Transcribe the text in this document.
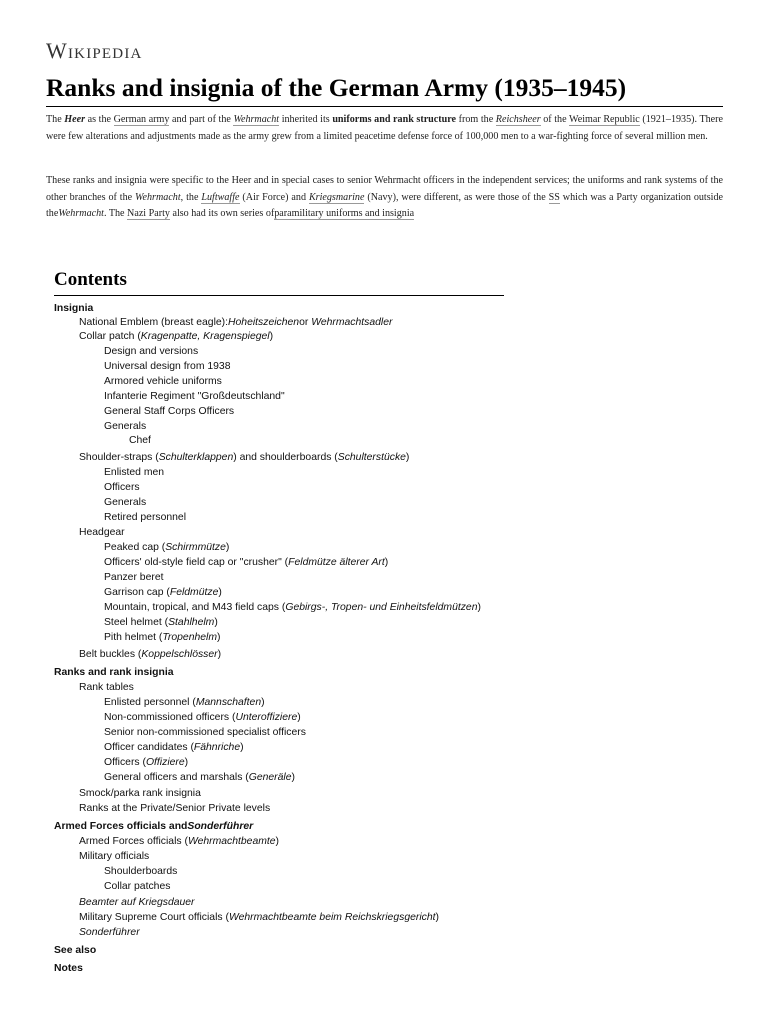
Wikipedia
Ranks and insignia of the German Army (1935–1945)

The Heer as the German army and part of the Wehrmacht inherited its uniforms and rank structure from the Reichsheer of the Weimar Republic (1921–1935). There were few alterations and adjustments made as the army grew from a limited peacetime defense force of 100,000 men to a war-fighting force of several million men.

These ranks and insignia were specific to the Heer and in special cases to senior Wehrmacht officers in the independent services; the uniforms and rank systems of the other branches of the Wehrmacht, the Luftwaffe (Air Force) and Kriegsmarine (Navy), were different, as were those of the SS which was a Party organization outside theWehrmacht. The Nazi Party also had its own series ofparamilitary uniforms and insignia

Contents
Insignia
National Emblem (breast eagle):Hoheitszeichenor Wehrmachtsadler
Collar patch (Kragenpatte, Kragenspiegel)
Design and versions
Universal design from 1938
Armored vehicle uniforms
Infanterie Regiment "Großdeutschland"
General Staff Corps Officers
Generals
Chef
Shoulder-straps (Schulterklappen) and shoulderboards (Schulterstücke)
Enlisted men
Officers
Generals
Retired personnel
Headgear
Peaked cap (Schirmmütze)
Officers' old-style field cap or "crusher" (Feldmütze älterer Art)
Panzer beret
Garrison cap (Feldmütze)
Mountain, tropical, and M43 field caps (Gebirgs-, Tropen- und Einheitsfeldmützen)
Steel helmet (Stahlhelm)
Pith helmet (Tropenhelm)
Belt buckles (Koppelschlösser)
Ranks and rank insignia
Rank tables
Enlisted personnel (Mannschaften)
Non-commissioned officers (Unteroffiziere)
Senior non-commissioned specialist officers
Officer candidates (Fähnriche)
Officers (Offiziere)
General officers and marshals (Generäle)
Smock/parka rank insignia
Ranks at the Private/Senior Private levels
Armed Forces officials andSonderführer
Armed Forces officials (Wehrmachtbeamte)
Military officials
Shoulderboards
Collar patches
Beamter auf Kriegsdauer
Military Supreme Court officials (Wehrmachtbeamte beim Reichskriegsgericht)
Sonderführer
See also
Notes
